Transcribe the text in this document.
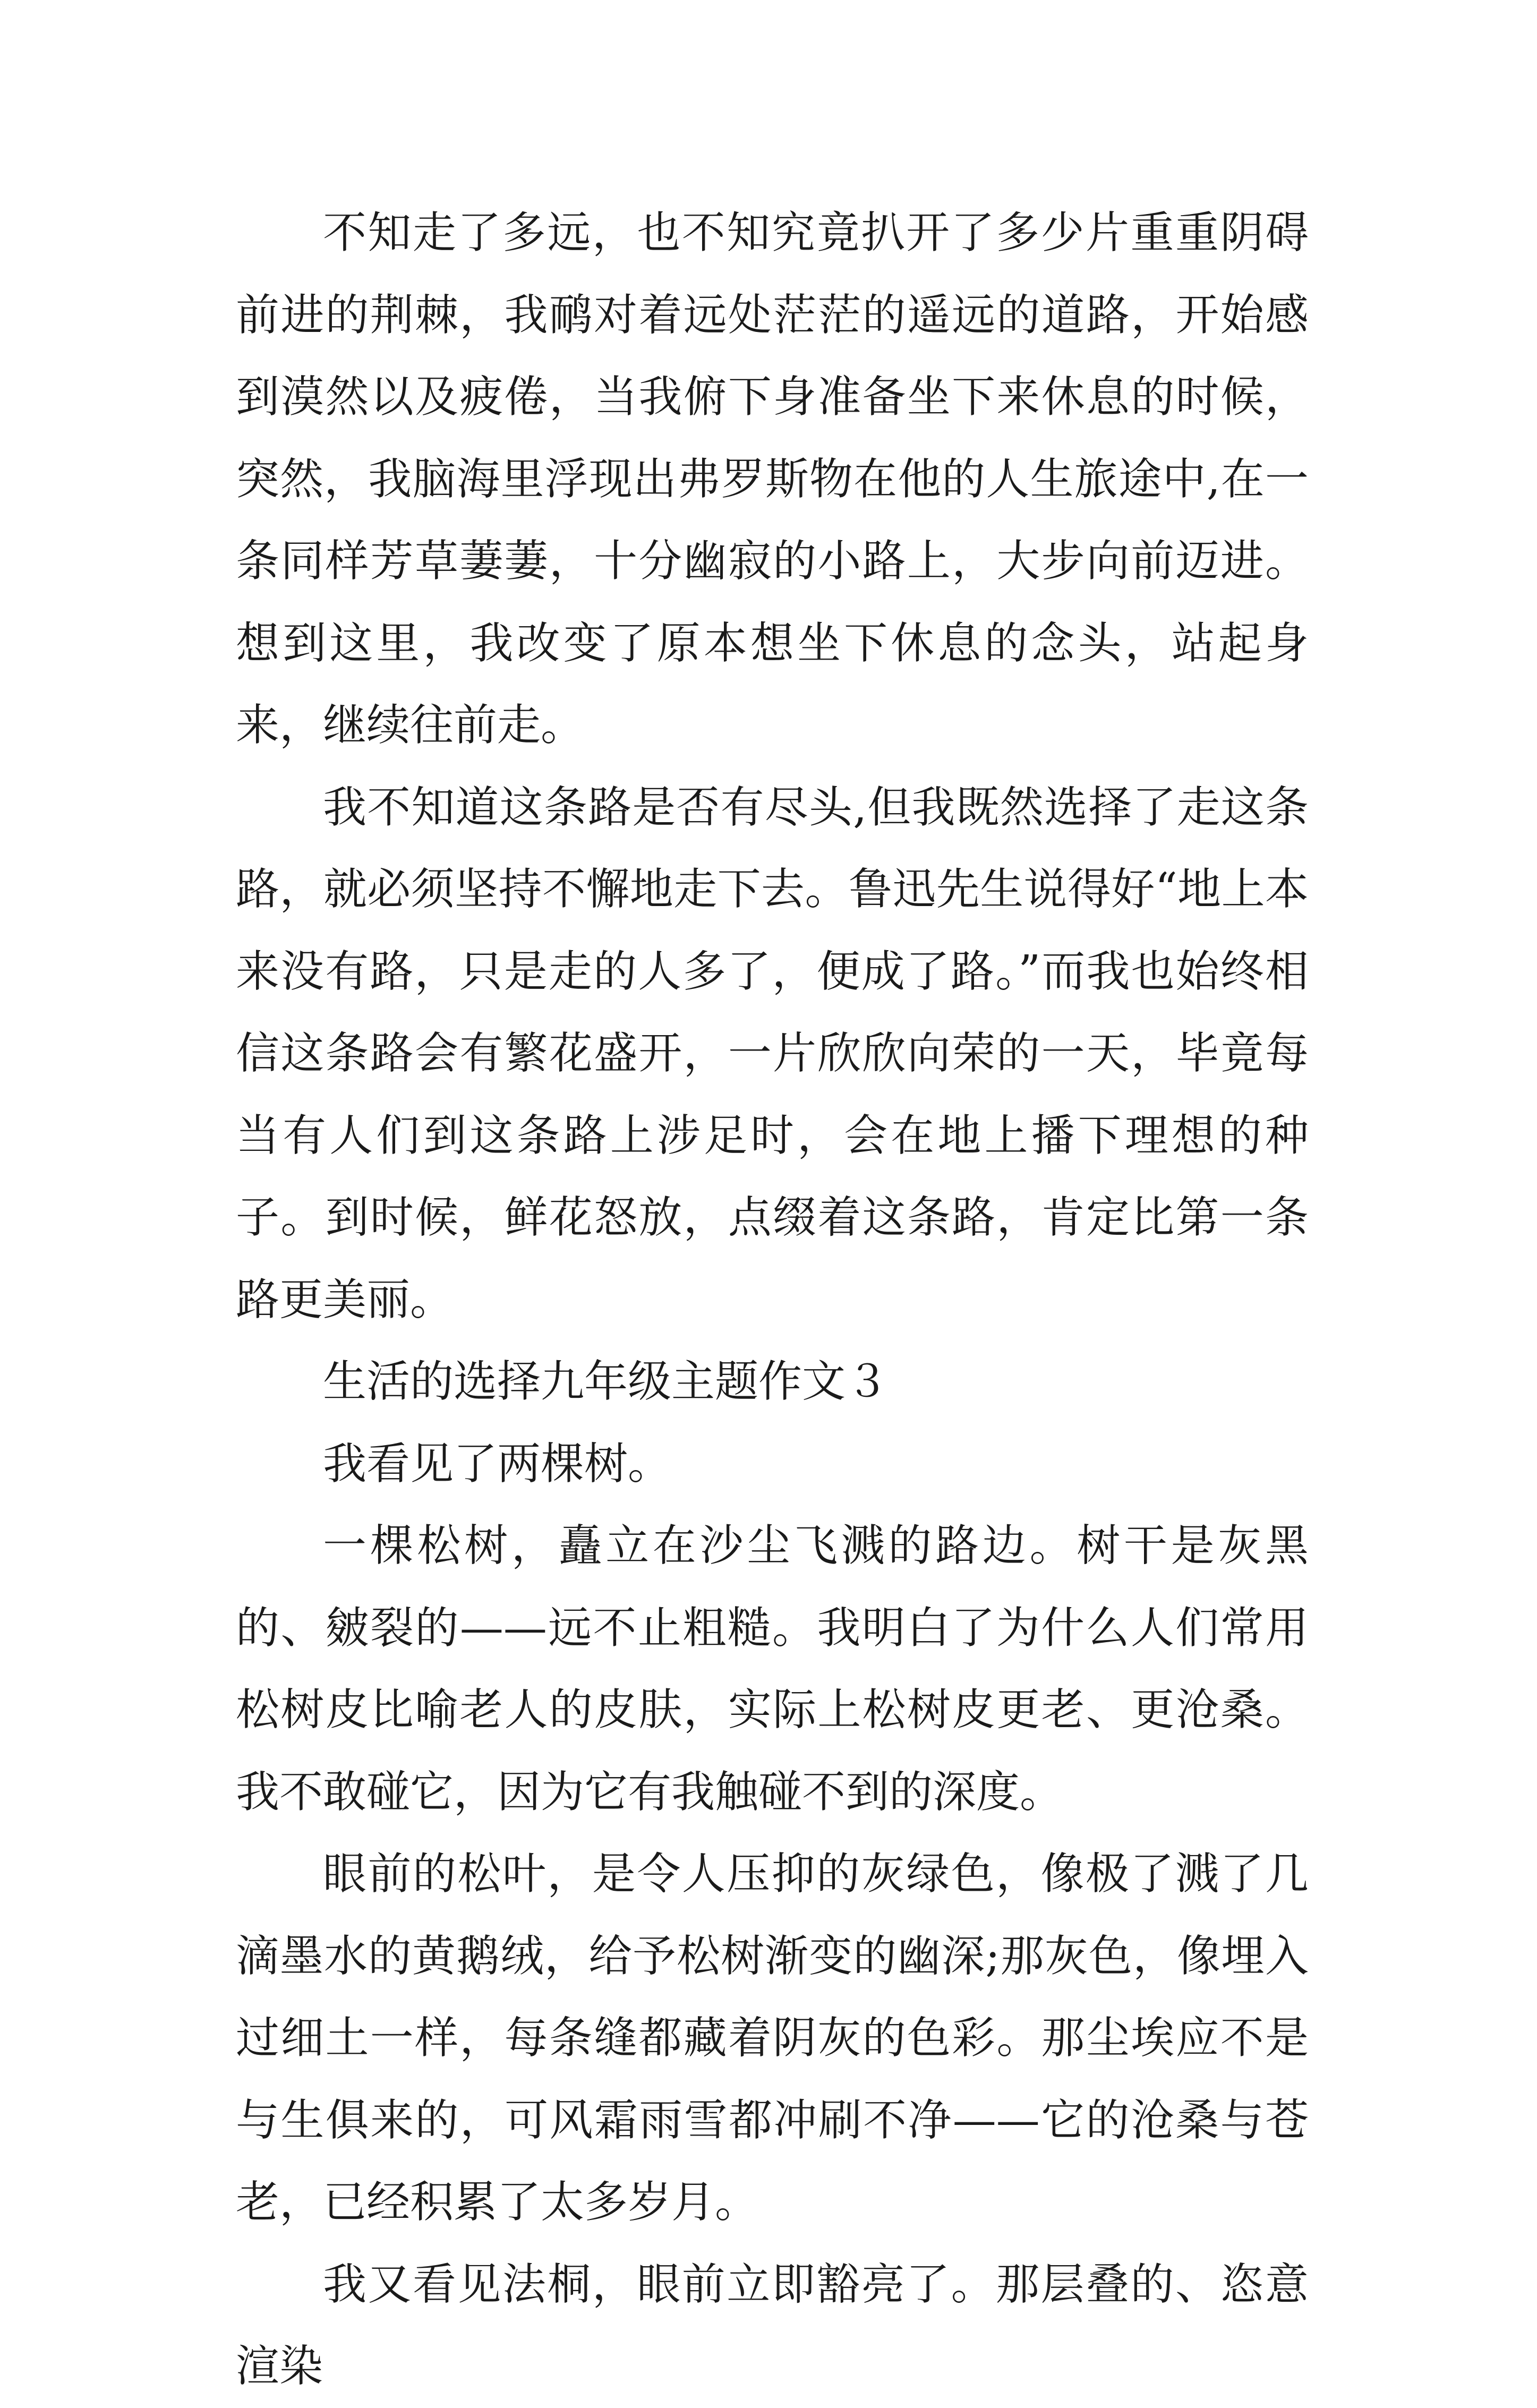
不知走了多远，也不知究竟扒开了多少片重重阴碍前进的荆棘，我鸸对着远处茫茫的遥远的道路，开始感到漠然以及疲倦，当我俯下身准备坐下来休息的时候，突然，我脑海里浮现出弗罗斯物在他的人生旅途中,在一条同样芳草萋萋，十分幽寂的小路上，大步向前迈进。想到这里，我改变了原本想坐下休息的念头，站起身来，继续往前走。

我不知道这条路是否有尽头,但我既然选择了走这条路，就必须坚持不懈地走下去。鲁迅先生说得好“地上本来没有路，只是走的人多了，便成了路。”而我也始终相信这条路会有繁花盛开，一片欣欣向荣的一天，毕竟每当有人们到这条路上涉足时，会在地上播下理想的种子。到时候，鲜花怒放，点缀着这条路，肯定比第一条路更美丽。

生活的选择九年级主题作文３

我看见了两棵树。

一棵松树，矗立在沙尘飞溅的路边。树干是灰黑的、皴裂的——远不止粗糙。我明白了为什么人们常用松树皮比喻老人的皮肤，实际上松树皮更老、更沧桑。我不敢碰它，因为它有我触碰不到的深度。

眼前的松叶，是令人压抑的灰绿色，像极了溅了几滴墨水的黄鹅绒，给予松树渐变的幽深;那灰色，像埋入过细土一样，每条缝都藏着阴灰的色彩。那尘埃应不是与生俱来的，可风霜雨雪都冲刷不净——它的沧桑与苍老，已经积累了太多岁月。

我又看见法桐，眼前立即豁亮了。那层叠的、恣意渲染
